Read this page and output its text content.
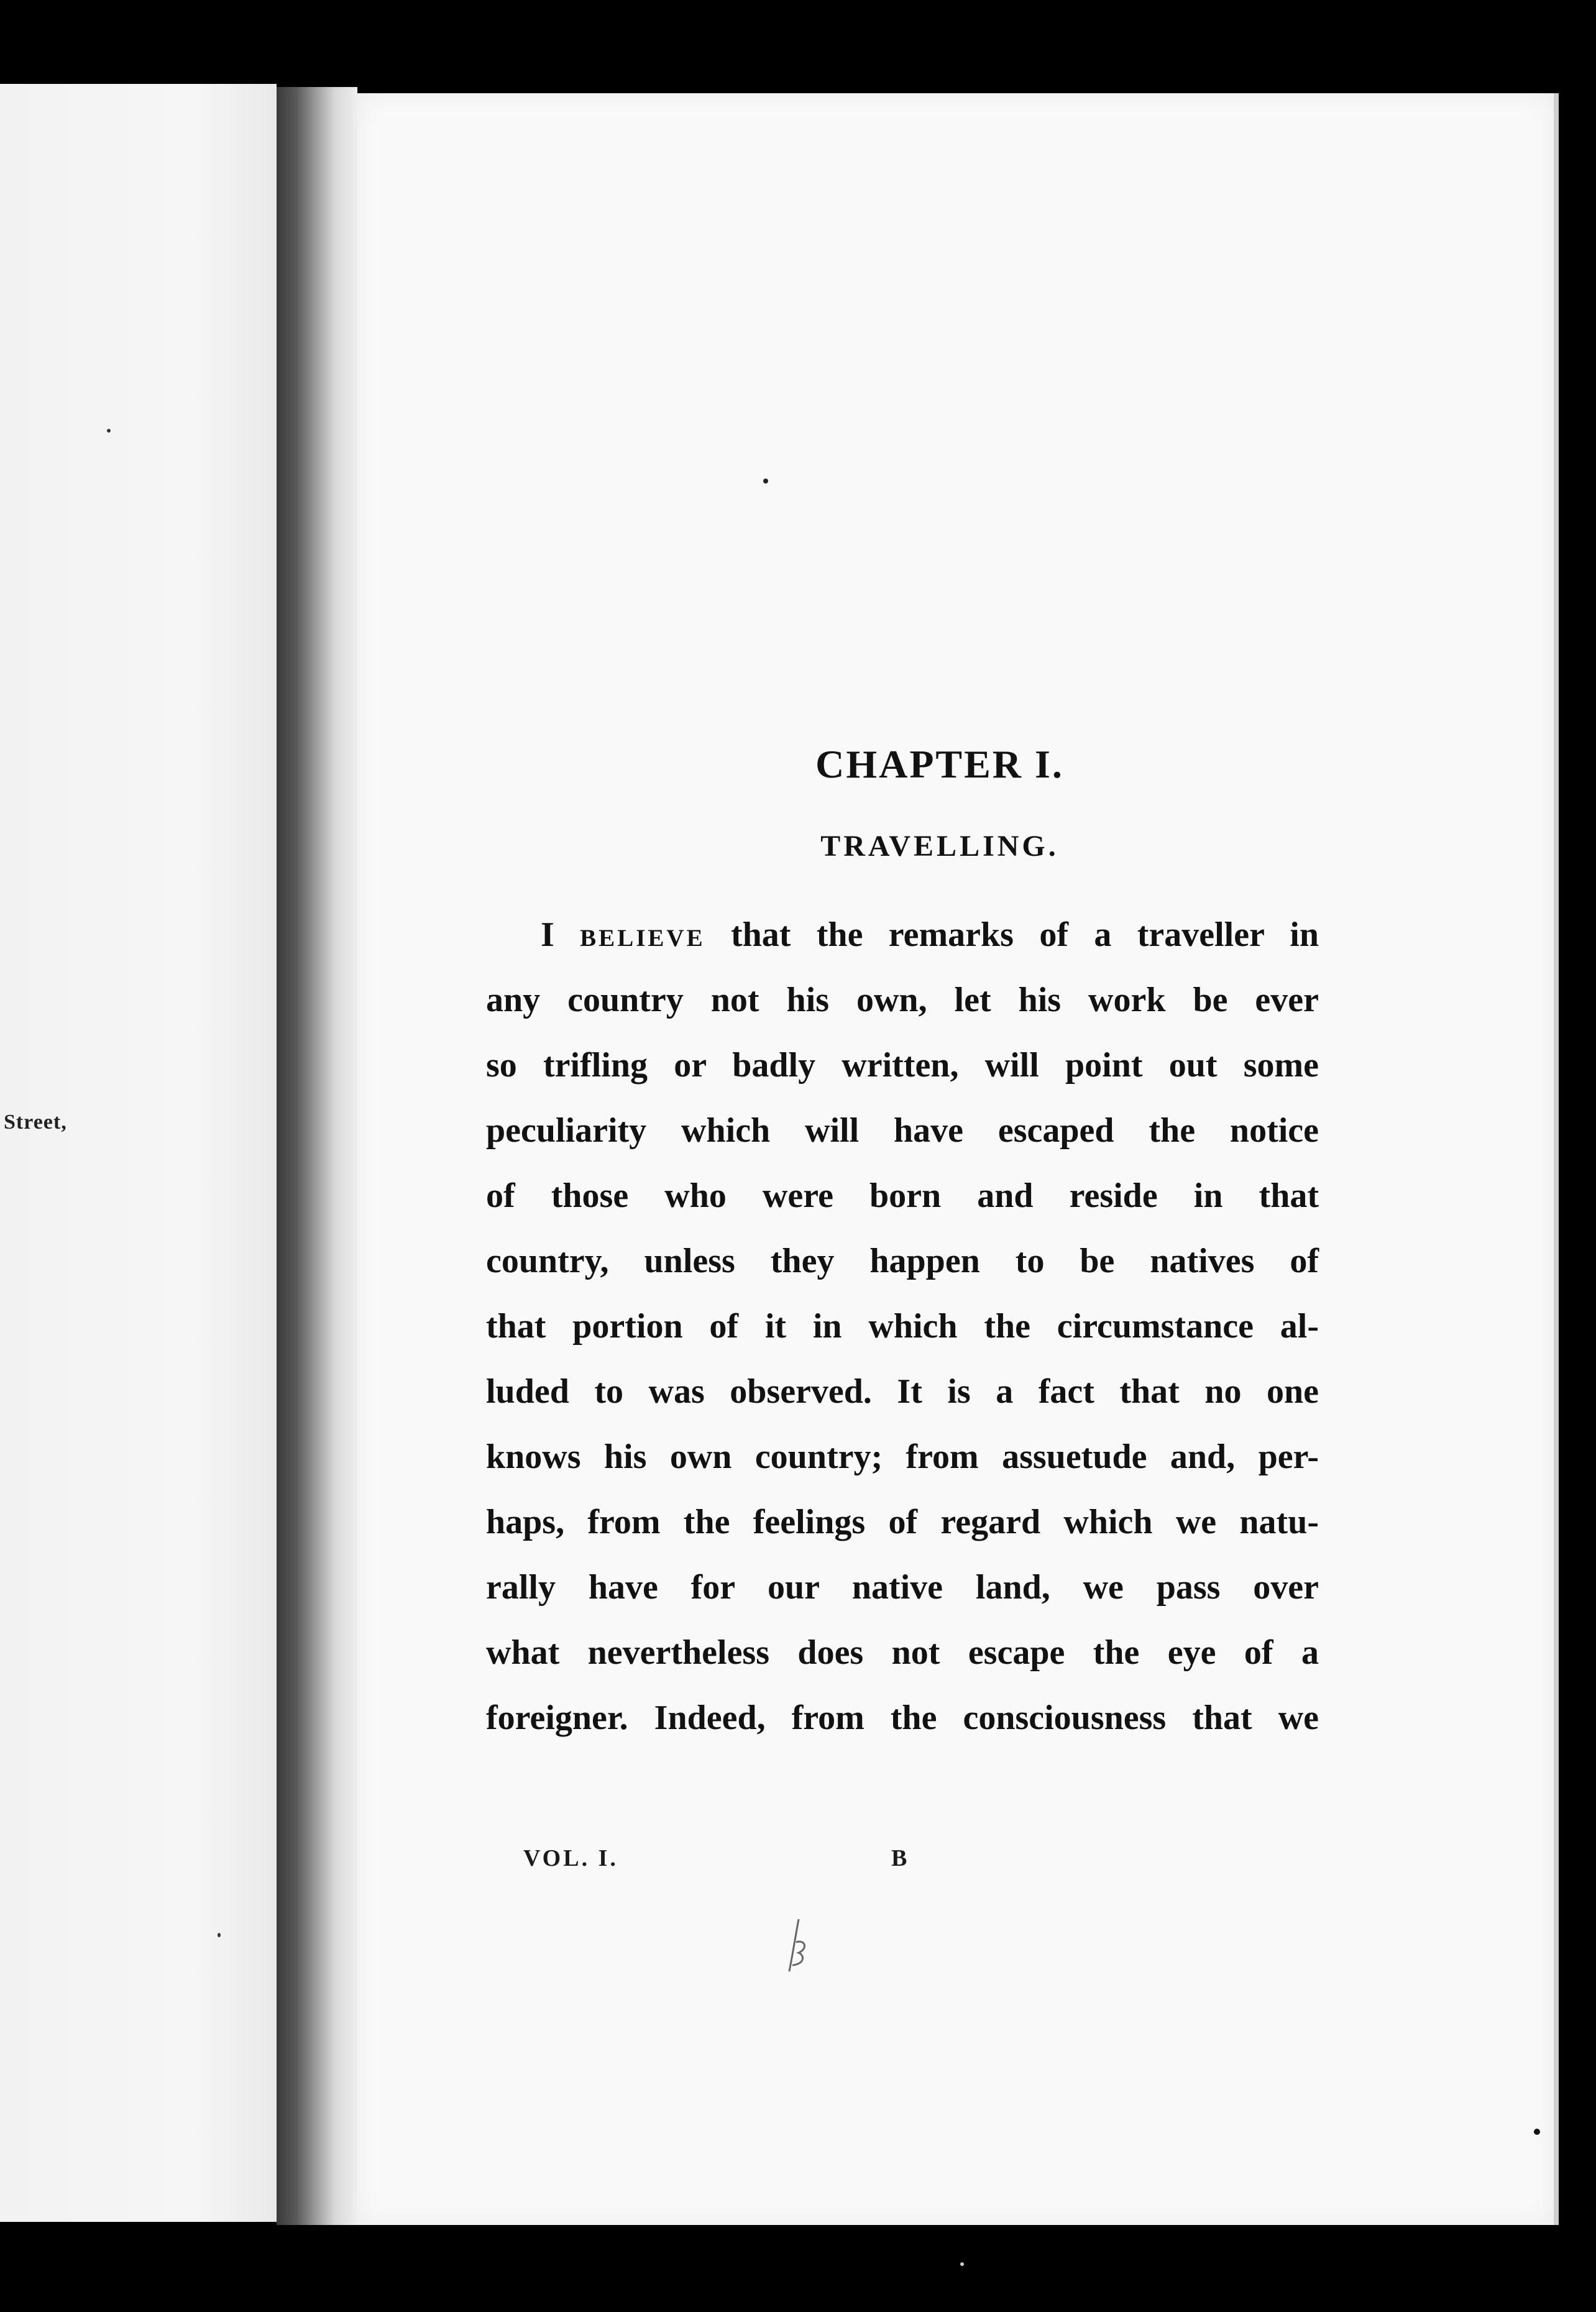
Street,
CHAPTER I.
TRAVELLING.
I believe that the remarks of a traveller in
any country not his own, let his work be ever
so trifling or badly written, will point out some
peculiarity which will have escaped the notice
of those who were born and reside in that
country, unless they happen to be natives of
that portion of it in which the circumstance al-
luded to was observed. It is a fact that no one
knows his own country; from assuetude and, per-
haps, from the feelings of regard which we natu-
rally have for our native land, we pass over
what nevertheless does not escape the eye of a
foreigner. Indeed, from the consciousness that we
VOL. I.	B
